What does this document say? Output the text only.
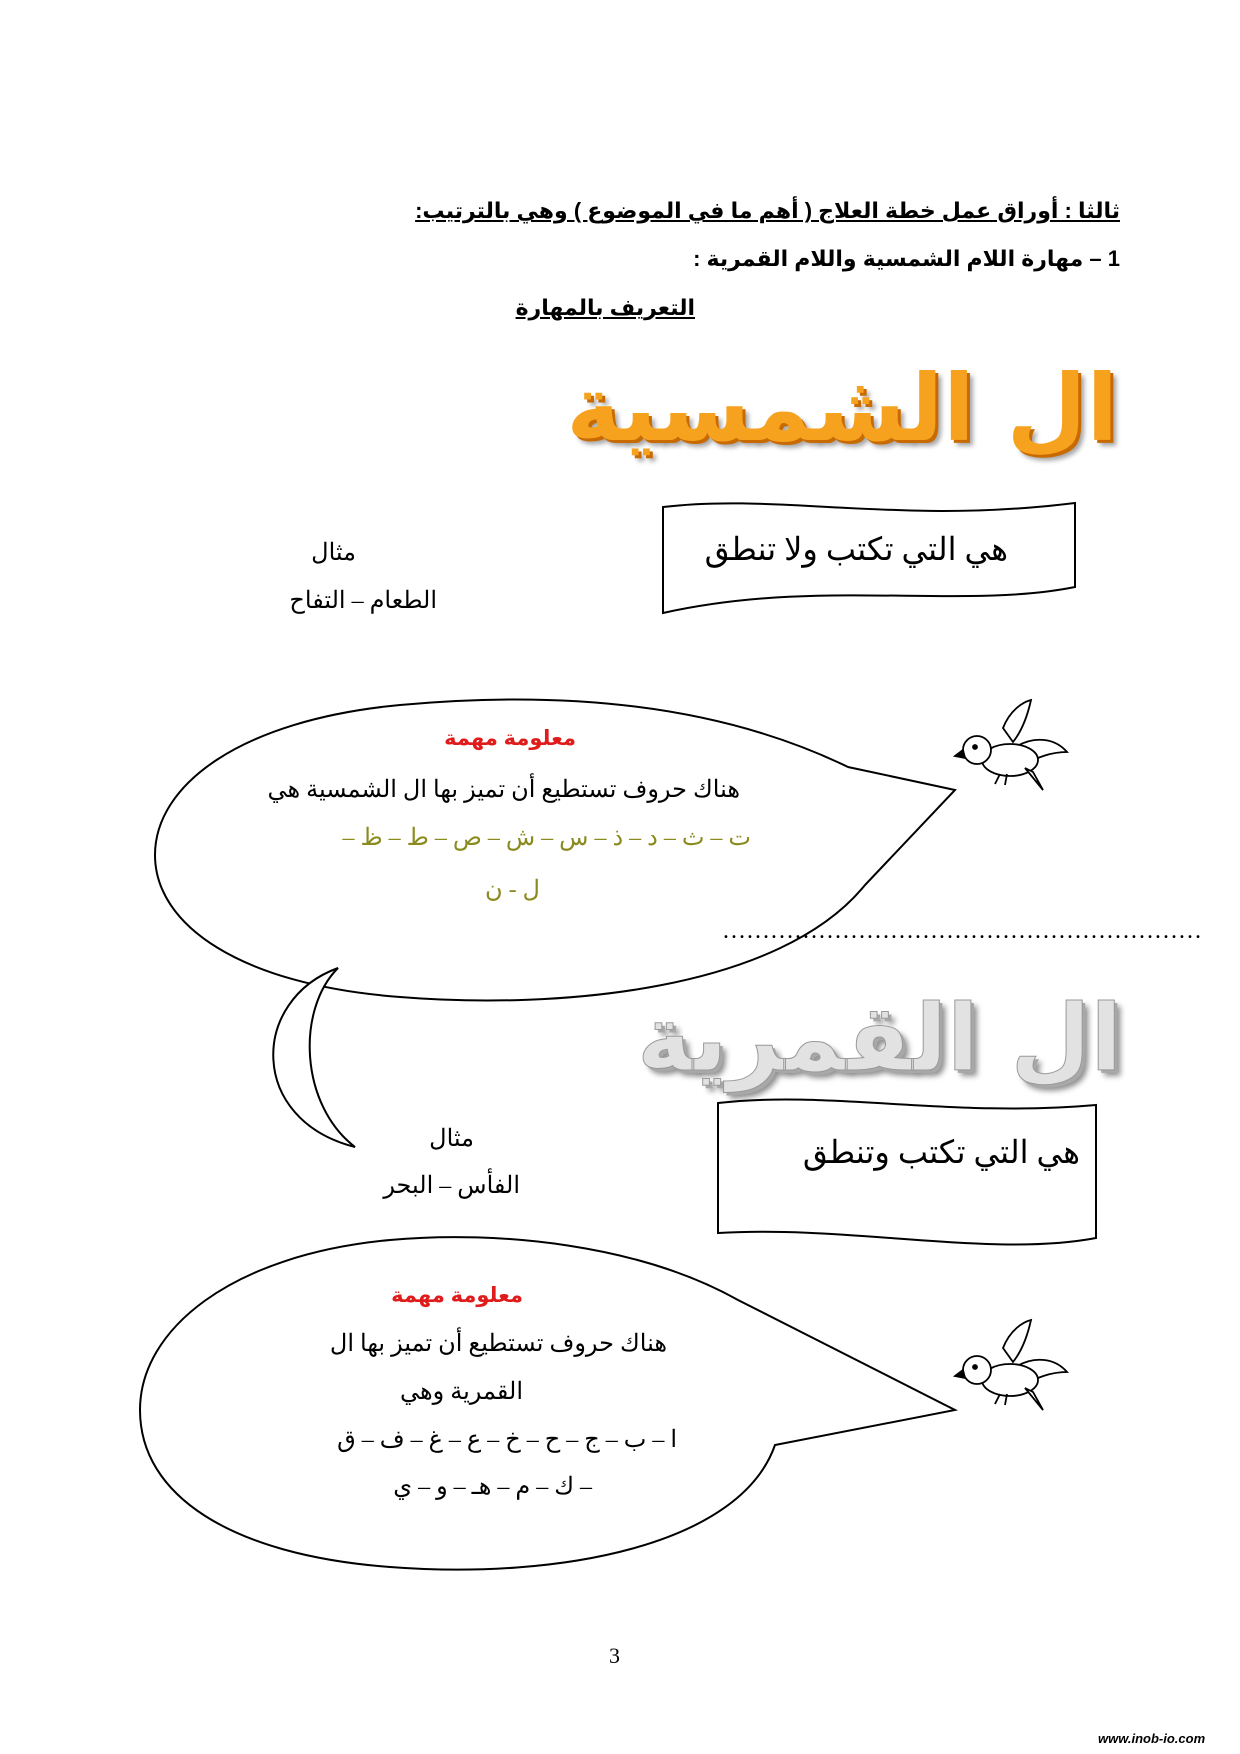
ثالثا : أوراق عمل خطة العلاج ( أهم ما في الموضوع ) وهي بالترتيب:
1 – مهارة اللام الشمسية واللام القمرية :
التعريف بالمهارة
ال الشمسية
هي التي تكتب ولا تنطق
مثال
الطعام – التفاح
معلومة مهمة
هناك حروف تستطيع أن تميز بها ال الشمسية هي
ت – ث – د – ذ – س – ش – ص – ط – ظ –
ل - ن
……………………………………………………
ال القمرية
هي التي تكتب وتنطق
مثال
الفأس – البحر
معلومة مهمة
هناك حروف تستطيع أن تميز بها ال
القمرية وهي
ا – ب – ج – ح – خ – ع – غ – ف – ق
– ك – م – هـ – و – ي
3
www.inob-io.com
